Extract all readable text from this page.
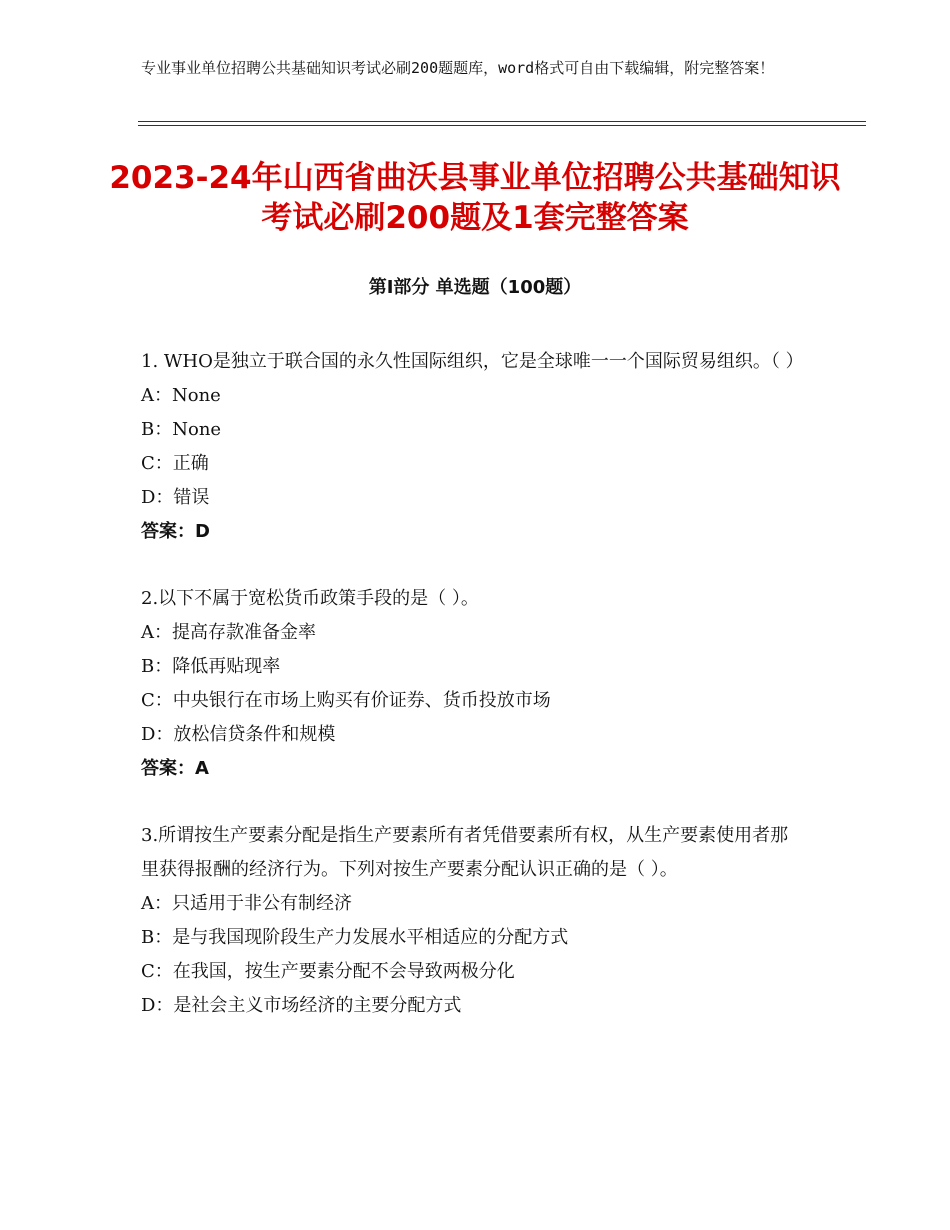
专业事业单位招聘公共基础知识考试必刷200题题库，word格式可自由下载编辑，附完整答案！
2023-24年山西省曲沃县事业单位招聘公共基础知识考试必刷200题及1套完整答案
第Ⅰ部分 单选题（100题）

1. WHO是独立于联合国的永久性国际组织，它是全球唯一一个国际贸易组织。（ ）

A：None

B：None

C：正确

D：错误

答案：D

2.以下不属于宽松货币政策手段的是（ ）。

A：提高存款准备金率

B：降低再贴现率

C：中央银行在市场上购买有价证券、货币投放市场

D：放松信贷条件和规模

答案：A

3.所谓按生产要素分配是指生产要素所有者凭借要素所有权，从生产要素使用者那里获得报酬的经济行为。下列对按生产要素分配认识正确的是（ ）。

A：只适用于非公有制经济

B：是与我国现阶段生产力发展水平相适应的分配方式

C：在我国，按生产要素分配不会导致两极分化

D：是社会主义市场经济的主要分配方式
